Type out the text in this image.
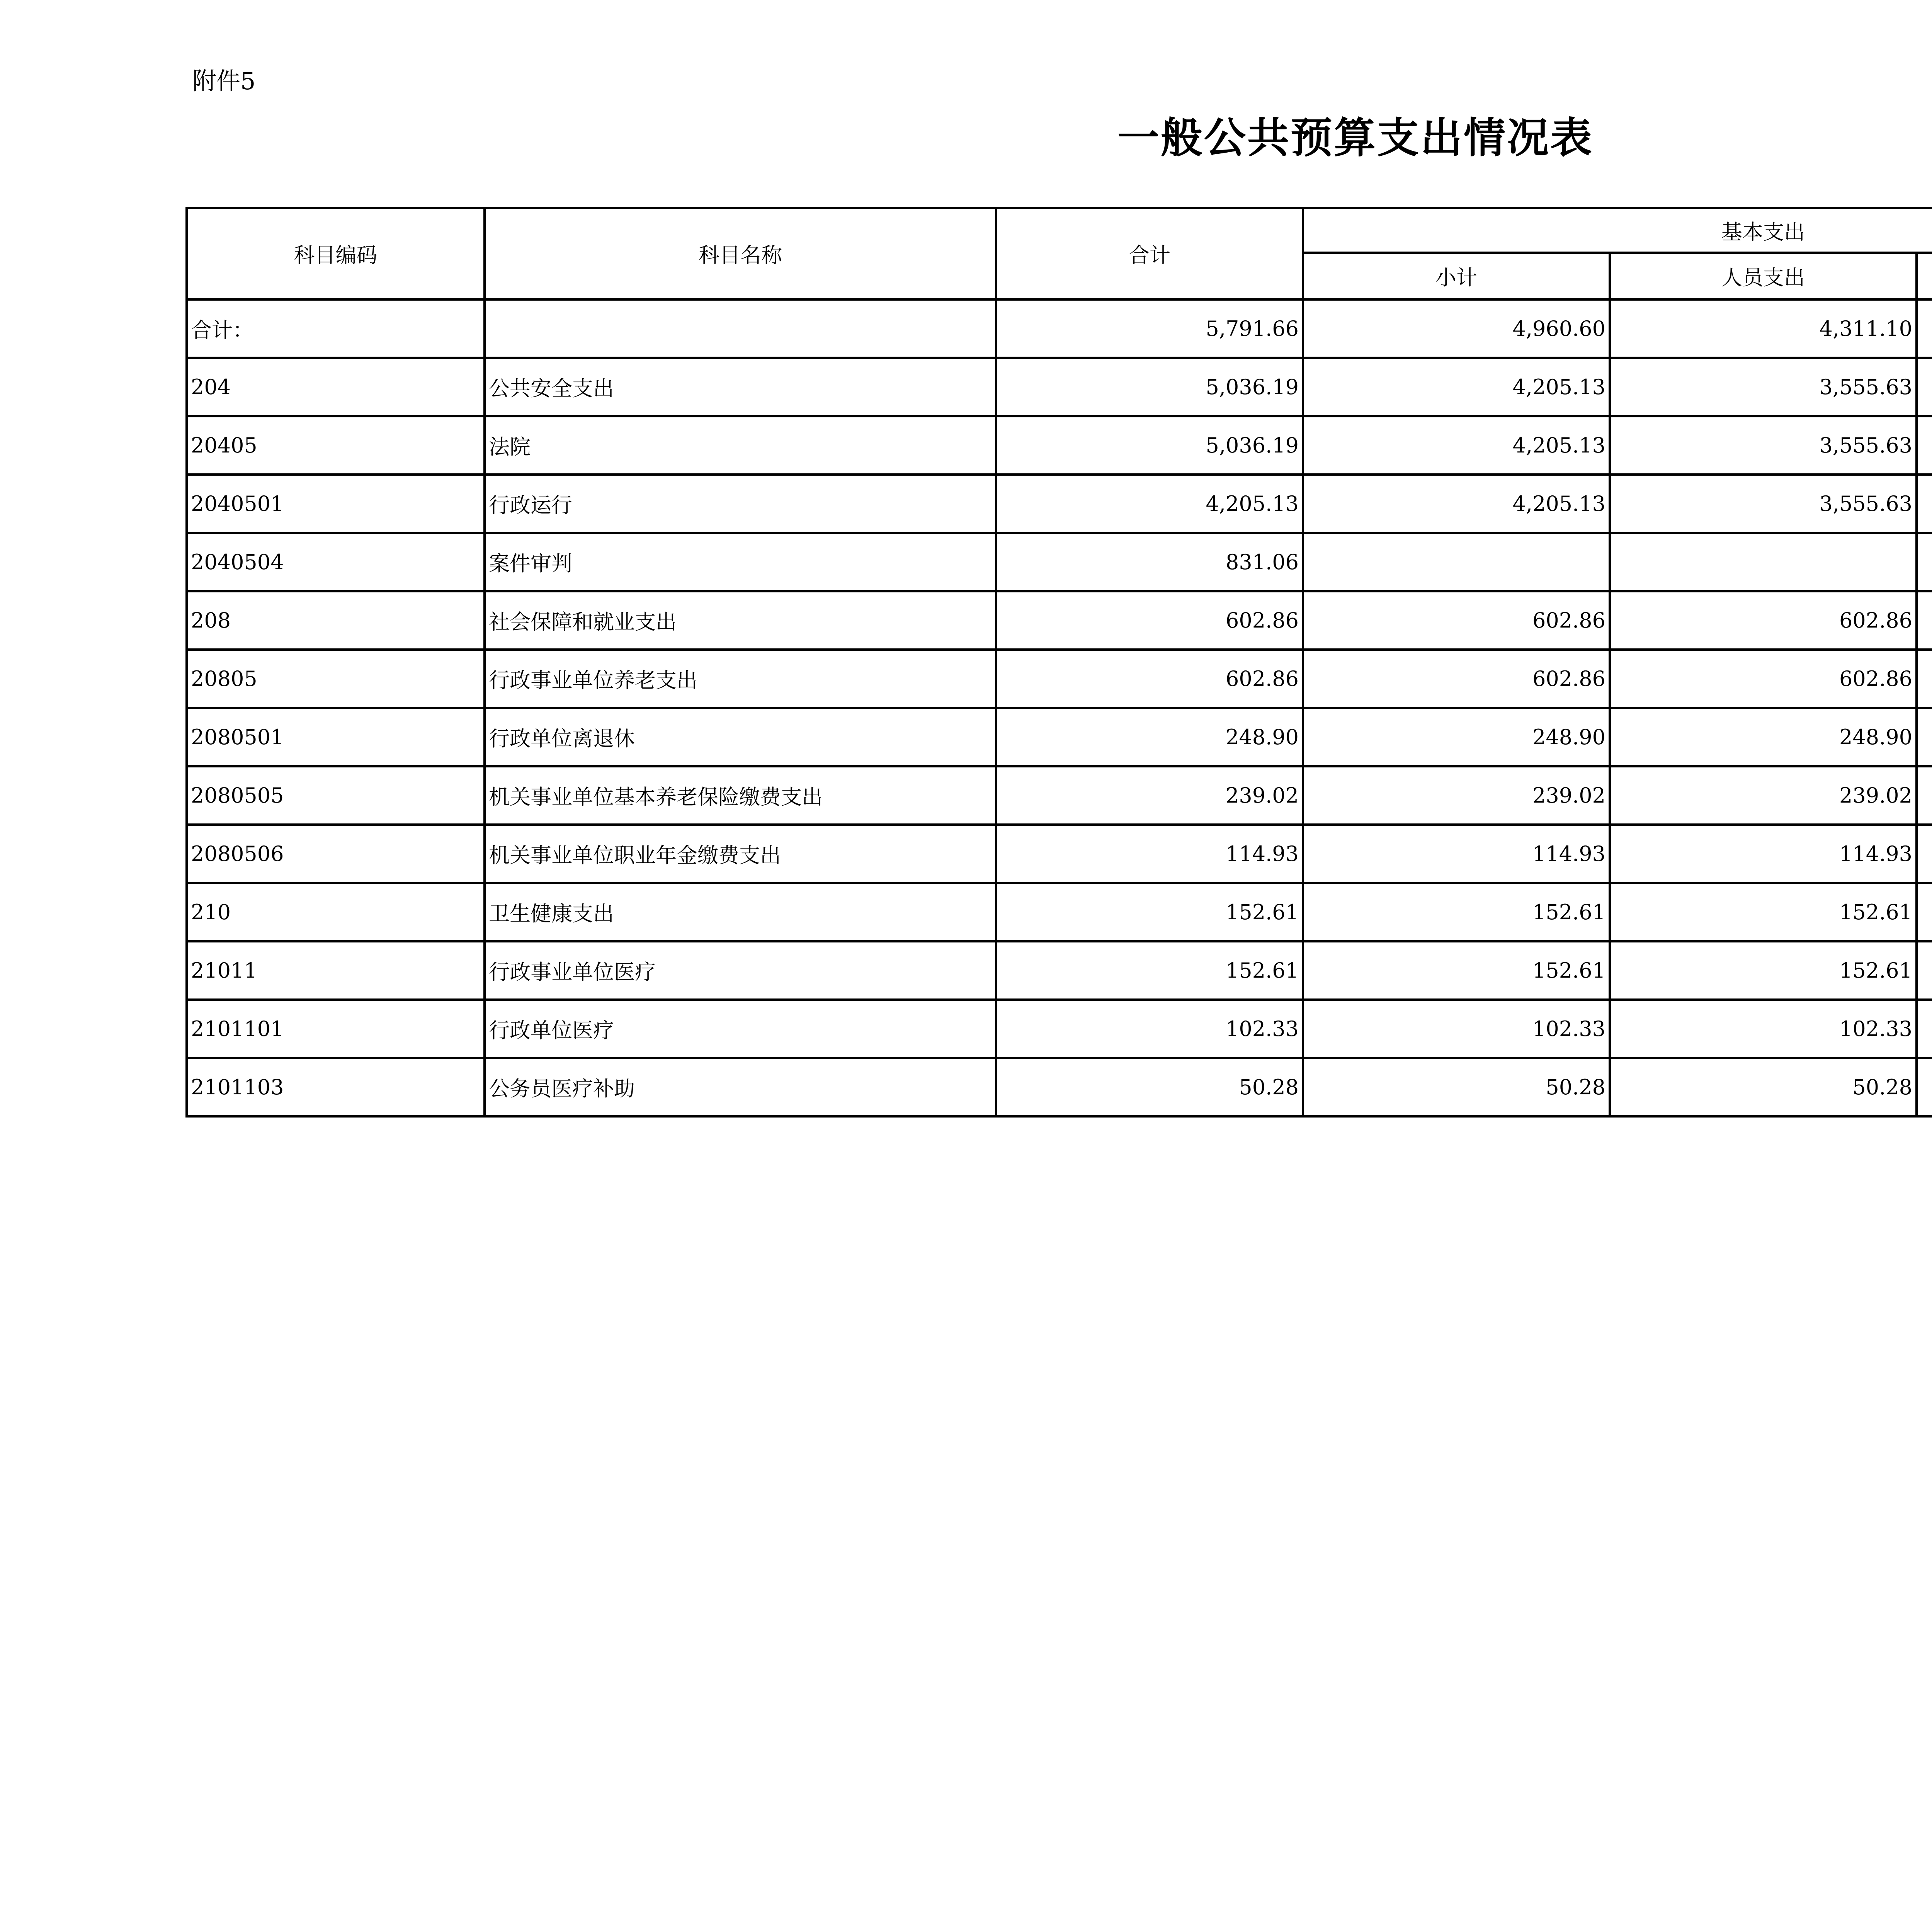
附件5
一般公共预算支出情况表
科目编码	科目名称	合计	基本支出	
			小计	人员支出	
合计：		5,791.66	4,960.60	4,311.10		
204	公共安全支出	5,036.19	4,205.13	3,555.63		
20405	法院	5,036.19	4,205.13	3,555.63		
2040501	行政运行	4,205.13	4,205.13	3,555.63		
2040504	案件审判	831.06				
208	社会保障和就业支出	602.86	602.86	602.86		
20805	行政事业单位养老支出	602.86	602.86	602.86		
2080501	行政单位离退休	248.90	248.90	248.90		
2080505	机关事业单位基本养老保险缴费支出	239.02	239.02	239.02		
2080506	机关事业单位职业年金缴费支出	114.93	114.93	114.93		
210	卫生健康支出	152.61	152.61	152.61		
21011	行政事业单位医疗	152.61	152.61	152.61		
2101101	行政单位医疗	102.33	102.33	102.33		
2101103	公务员医疗补助	50.28	50.28	50.28		
